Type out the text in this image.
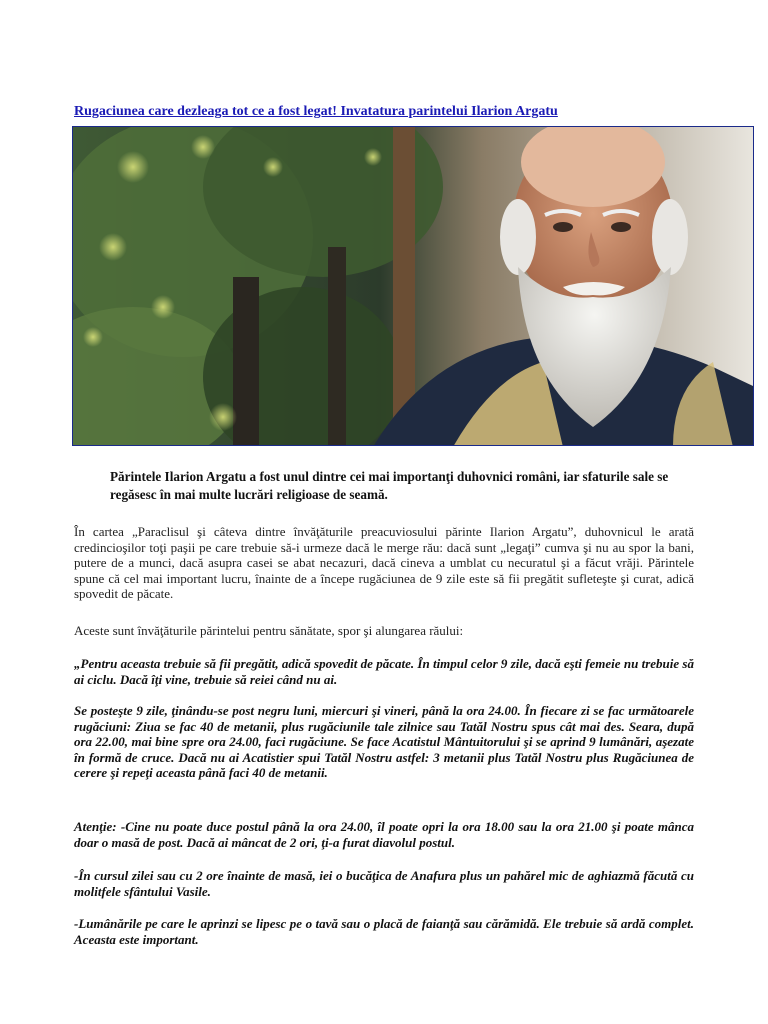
Rugaciunea care dezleaga tot ce a fost legat! Invatatura parintelui Ilarion Argatu
Părintele Ilarion Argatu a fost unul dintre cei mai importanţi duhovnici români, iar sfaturile sale se regăsesc în mai multe lucrări religioase de seamă.
În cartea „Paraclisul şi câteva dintre învăţăturile preacuviosului părinte Ilarion Argatu”, duhovnicul le arată credincioşilor toţi paşii pe care trebuie să-i urmeze dacă le merge rău: dacă sunt „legaţi” cumva şi nu au spor la bani, putere de a munci, dacă asupra casei se abat necazuri, dacă cineva a umblat cu necuratul şi a făcut vrăji. Părintele spune că cel mai important lucru, înainte de a începe rugăciunea de 9 zile este să fii pregătit sufleteşte şi curat, adică spovedit de păcate.
Aceste sunt învăţăturile părintelui pentru sănătate, spor şi alungarea răului:
„Pentru aceasta trebuie să fii pregătit, adică spovedit de păcate. În timpul celor 9 zile, dacă eşti femeie nu trebuie să ai ciclu. Dacă îţi vine, trebuie să reiei când nu ai.
Se posteşte 9 zile, ţinându-se post negru luni, miercuri şi vineri, până la ora 24.00. În fiecare zi se fac următoarele rugăciuni: Ziua se fac 40 de metanii, plus rugăciunile tale zilnice sau Tatăl Nostru spus cât mai des. Seara, după ora 22.00, mai bine spre ora 24.00, faci rugăciune. Se face Acatistul Mântuitorului şi se aprind 9 lumânări, aşezate în formă de cruce. Dacă nu ai Acatistier spui Tatăl Nostru astfel: 3 metanii plus Tatăl Nostru plus Rugăciunea de cerere şi repeţi aceasta până faci 40 de metanii.
Atenţie: -Cine nu poate duce postul până la ora 24.00, îl poate opri la ora 18.00 sau la ora 21.00 şi poate mânca doar o masă de post. Dacă ai mâncat de 2 ori, ţi-a furat diavolul postul.
-În cursul zilei sau cu 2 ore înainte de masă, iei o bucăţica de Anafura plus un pahărel mic de aghiazmă făcută cu molitfele sfântului Vasile.
-Lumânările pe care le aprinzi se lipesc pe o tavă sau o placă de faianţă sau cărămidă. Ele trebuie să ardă complet. Aceasta este important.
